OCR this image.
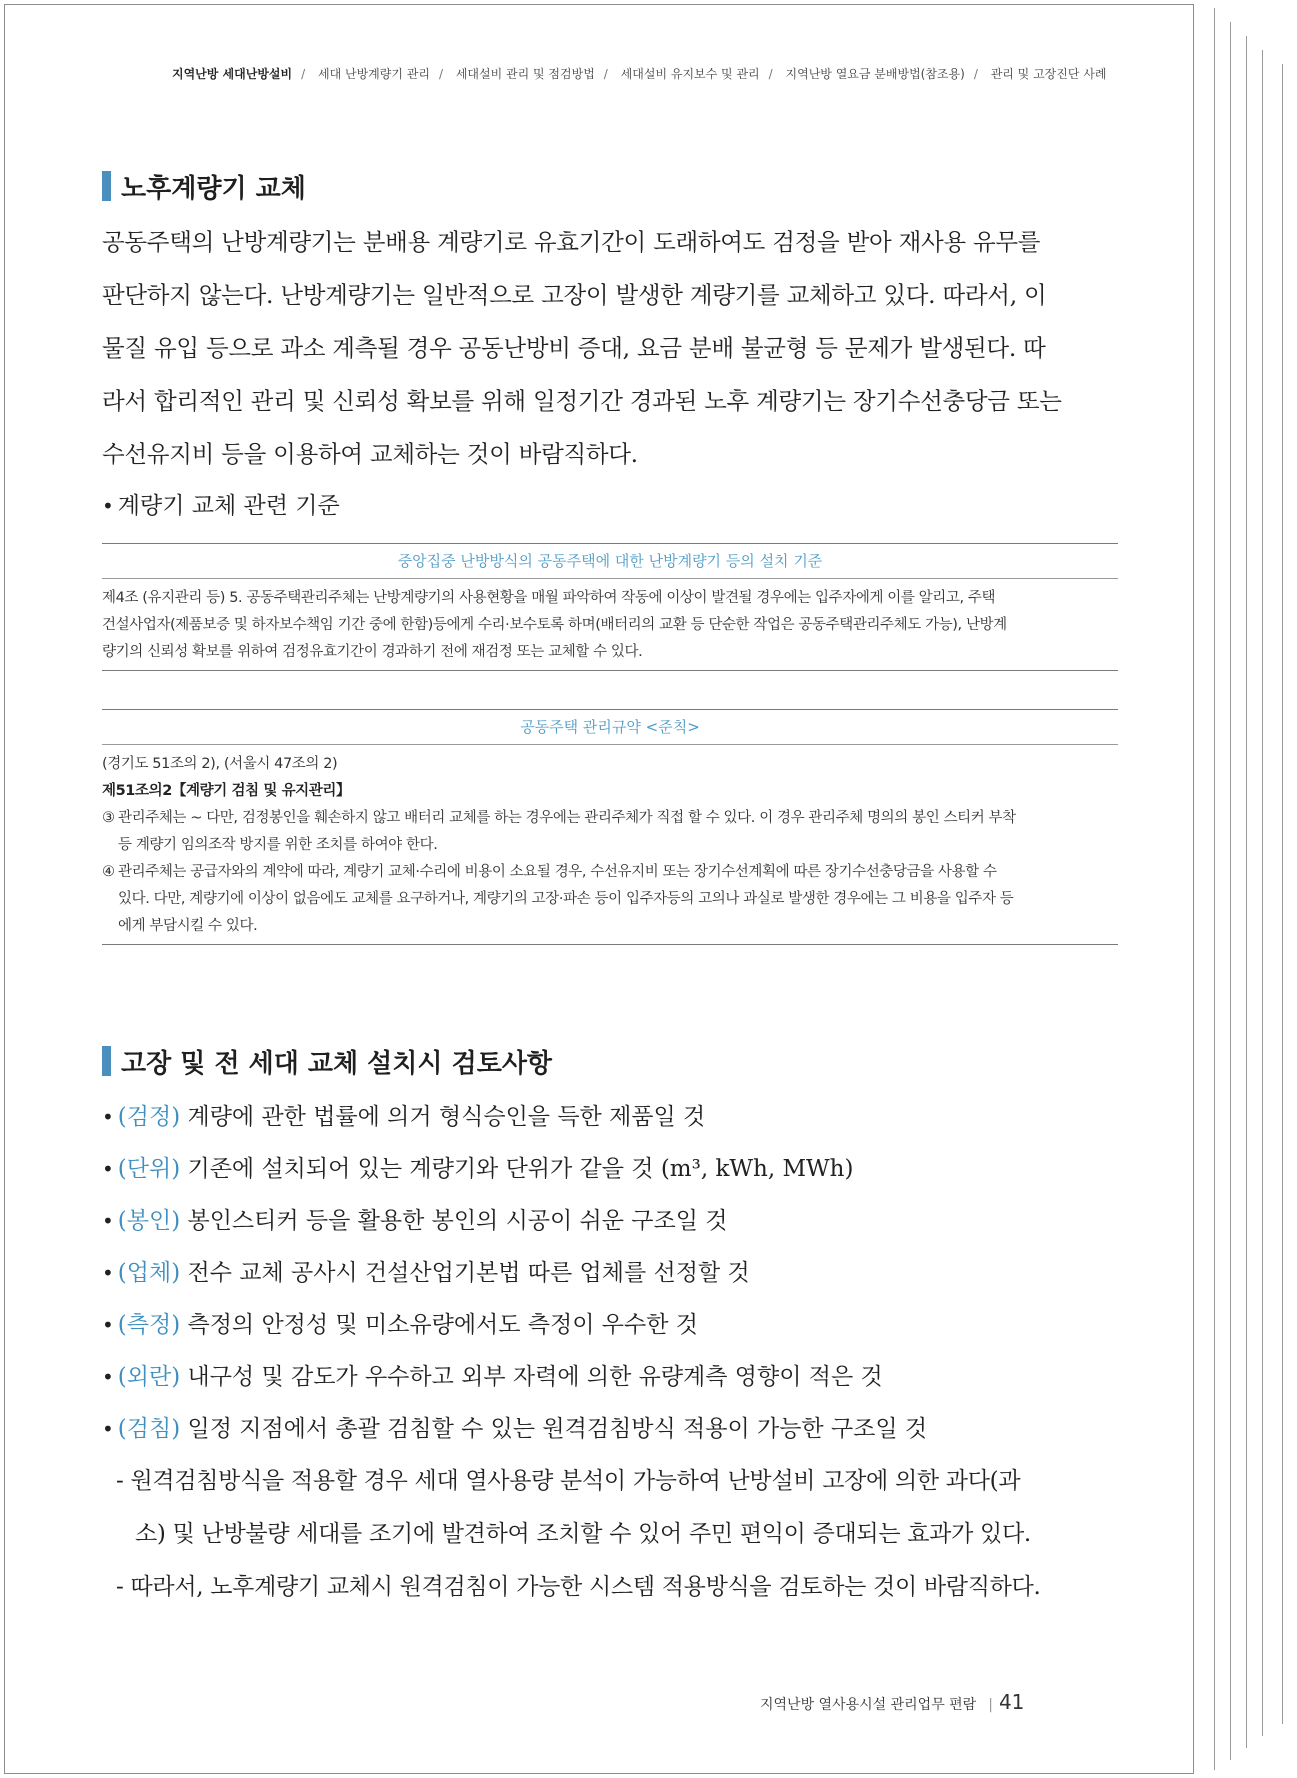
지역난방 세대난방설비 / 세대 난방계량기 관리 / 세대설비 관리 및 점검방법 / 세대설비 유지보수 및 관리 / 지역난방 열요금 분배방법(참조용) / 관리 및 고장진단 사례
노후계량기 교체
공동주택의 난방계량기는 분배용 계량기로 유효기간이 도래하여도 검정을 받아 재사용 유무를
판단하지 않는다. 난방계량기는 일반적으로 고장이 발생한 계량기를 교체하고 있다. 따라서, 이
물질 유입 등으로 과소 계측될 경우 공동난방비 증대, 요금 분배 불균형 등 문제가 발생된다. 따
라서 합리적인 관리 및 신뢰성 확보를 위해 일정기간 경과된 노후 계량기는 장기수선충당금 또는
수선유지비 등을 이용하여 교체하는 것이 바람직하다.
• 계량기 교체 관련 기준
중앙집중 난방방식의 공동주택에 대한 난방계량기 등의 설치 기준
제4조 (유지관리 등) 5. 공동주택관리주체는 난방계량기의 사용현황을 매월 파악하여 작동에 이상이 발견될 경우에는 입주자에게 이를 알리고, 주택
건설사업자(제품보증 및 하자보수책임 기간 중에 한함)등에게 수리·보수토록 하며(배터리의 교환 등 단순한 작업은 공동주택관리주체도 가능), 난방계
량기의 신뢰성 확보를 위하여 검정유효기간이 경과하기 전에 재검정 또는 교체할 수 있다.
공동주택 관리규약 <준칙>
(경기도 51조의 2), (서울시 47조의 2)
제51조의2【계량기 검침 및 유지관리】
③ 관리주체는 ~ 다만, 검정봉인을 훼손하지 않고 배터리 교체를 하는 경우에는 관리주체가 직접 할 수 있다. 이 경우 관리주체 명의의 봉인 스티커 부착
등 계량기 임의조작 방지를 위한 조치를 하여야 한다.
④ 관리주체는 공급자와의 계약에 따라, 계량기 교체·수리에 비용이 소요될 경우, 수선유지비 또는 장기수선계획에 따른 장기수선충당금을 사용할 수
있다. 다만, 계량기에 이상이 없음에도 교체를 요구하거나, 계량기의 고장·파손 등이 입주자등의 고의나 과실로 발생한 경우에는 그 비용을 입주자 등
에게 부담시킬 수 있다.
고장 및 전 세대 교체 설치시 검토사항
• (검정) 계량에 관한 법률에 의거 형식승인을 득한 제품일 것
• (단위) 기존에 설치되어 있는 계량기와 단위가 같을 것 (m³, kWh, MWh)
• (봉인) 봉인스티커 등을 활용한 봉인의 시공이 쉬운 구조일 것
• (업체) 전수 교체 공사시 건설산업기본법 따른 업체를 선정할 것
• (측정) 측정의 안정성 및 미소유량에서도 측정이 우수한 것
• (외란) 내구성 및 감도가 우수하고 외부 자력에 의한 유량계측 영향이 적은 것
• (검침) 일정 지점에서 총괄 검침할 수 있는 원격검침방식 적용이 가능한 구조일 것
- 원격검침방식을 적용할 경우 세대 열사용량 분석이 가능하여 난방설비 고장에 의한 과다(과
소) 및 난방불량 세대를 조기에 발견하여 조치할 수 있어 주민 편익이 증대되는 효과가 있다.
- 따라서, 노후계량기 교체시 원격검침이 가능한 시스템 적용방식을 검토하는 것이 바람직하다.
지역난방 열사용시설 관리업무 편람 | 41
